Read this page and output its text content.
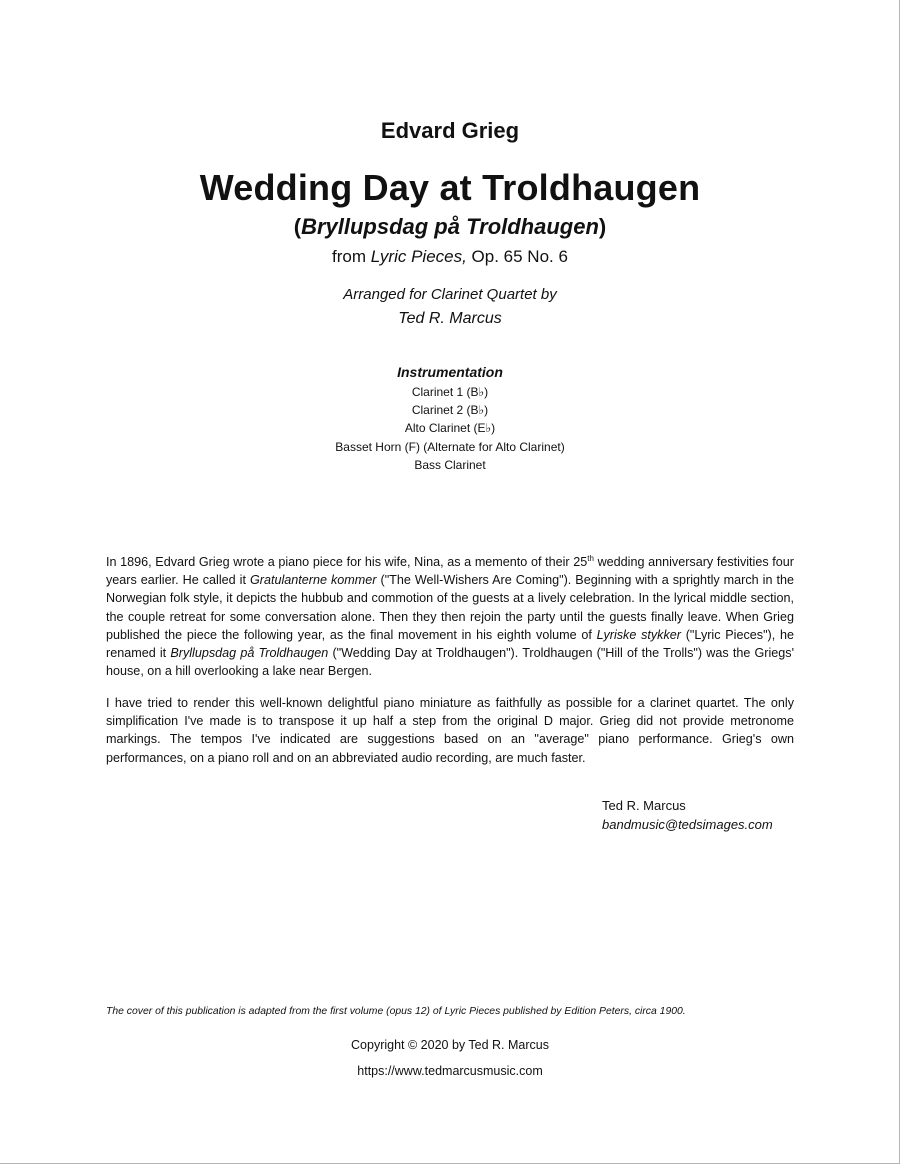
Edvard Grieg
Wedding Day at Troldhaugen
(Bryllupsdag på Troldhaugen)
from Lyric Pieces, Op. 65 No. 6
Arranged for Clarinet Quartet by
Ted R. Marcus
Instrumentation
Clarinet 1 (B♭)
Clarinet 2 (B♭)
Alto Clarinet (E♭)
Basset Horn (F) (Alternate for Alto Clarinet)
Bass Clarinet

In 1896, Edvard Grieg wrote a piano piece for his wife, Nina, as a memento of their 25th wedding anniversary festivities four years earlier. He called it Gratulanterne kommer ("The Well-Wishers Are Coming"). Beginning with a sprightly march in the Norwegian folk style, it depicts the hubbub and commotion of the guests at a lively celebration. In the lyrical middle section, the couple retreat for some conversation alone. Then they then rejoin the party until the guests finally leave. When Grieg published the piece the following year, as the final movement in his eighth volume of Lyriske stykker ("Lyric Pieces"), he renamed it Bryllupsdag på Troldhaugen ("Wedding Day at Troldhaugen"). Troldhaugen ("Hill of the Trolls") was the Griegs' house, on a hill overlooking a lake near Bergen.

I have tried to render this well-known delightful piano miniature as faithfully as possible for a clarinet quartet. The only simplification I've made is to transpose it up half a step from the original D major. Grieg did not provide metronome markings. The tempos I've indicated are suggestions based on an "average" piano performance. Grieg's own performances, on a piano roll and on an abbreviated audio recording, are much faster.

Ted R. Marcus
bandmusic@tedsimages.com
The cover of this publication is adapted from the first volume (opus 12) of Lyric Pieces published by Edition Peters, circa 1900.
Copyright © 2020 by Ted R. Marcus
https://www.tedmarcusmusic.com
